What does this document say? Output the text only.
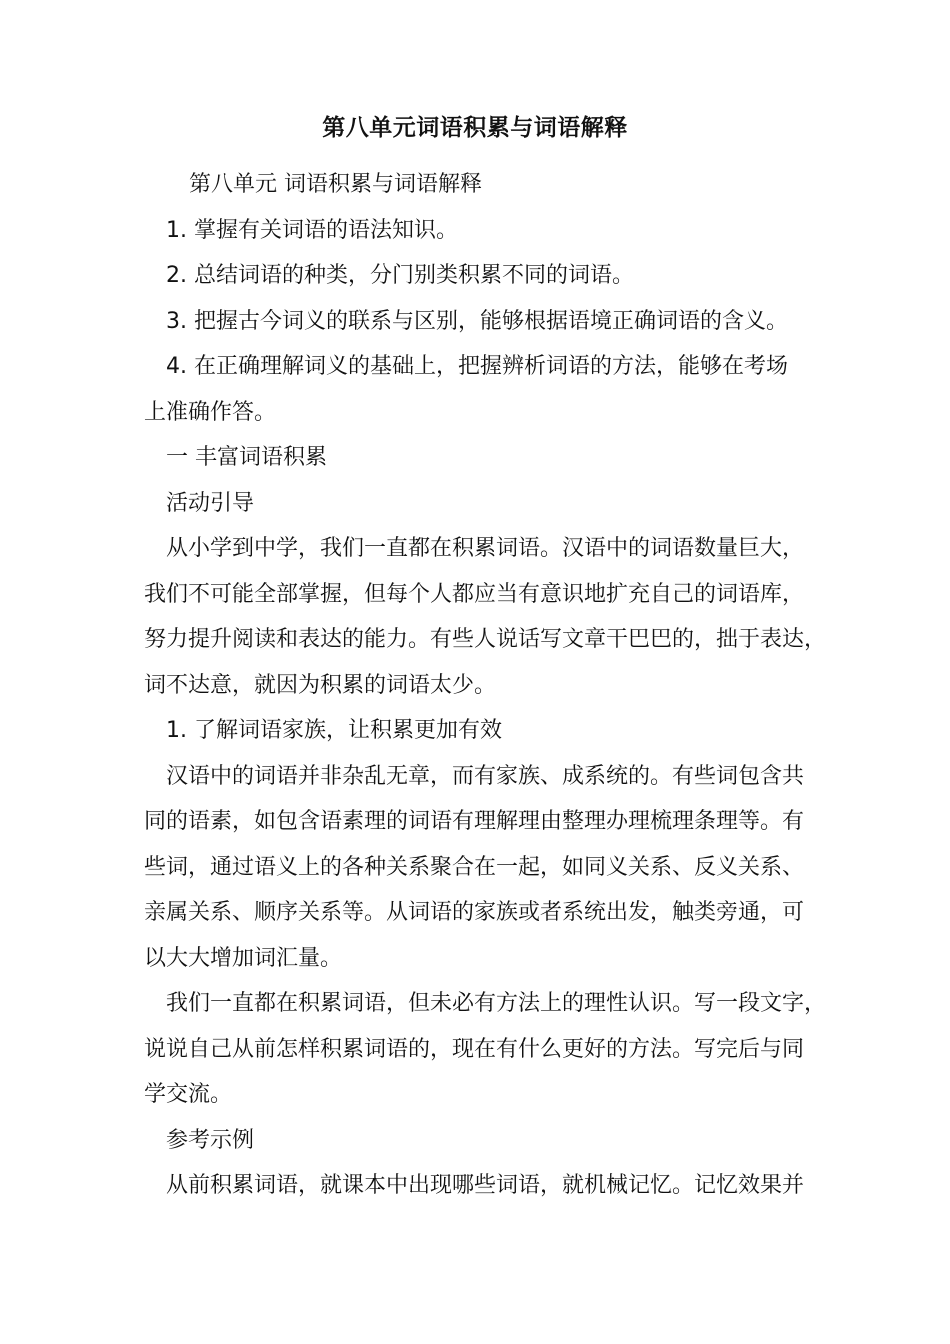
第八单元词语积累与词语解释
第八单元 词语积累与词语解释
1. 掌握有关词语的语法知识。
2. 总结词语的种类，分门别类积累不同的词语。
3. 把握古今词义的联系与区别，能够根据语境正确词语的含义。
4. 在正确理解词义的基础上，把握辨析词语的方法，能够在考场
上准确作答。
一 丰富词语积累
活动引导
从小学到中学，我们一直都在积累词语。汉语中的词语数量巨大，
我们不可能全部掌握，但每个人都应当有意识地扩充自己的词语库，
努力提升阅读和表达的能力。有些人说话写文章干巴巴的，拙于表达，
词不达意，就因为积累的词语太少。
1. 了解词语家族，让积累更加有效
汉语中的词语并非杂乱无章，而有家族、成系统的。有些词包含共
同的语素，如包含语素理的词语有理解理由整理办理梳理条理等。有
些词，通过语义上的各种关系聚合在一起，如同义关系、反义关系、
亲属关系、顺序关系等。从词语的家族或者系统出发，触类旁通，可
以大大增加词汇量。
我们一直都在积累词语，但未必有方法上的理性认识。写一段文字，
说说自己从前怎样积累词语的，现在有什么更好的方法。写完后与同
学交流。
参考示例
从前积累词语，就课本中出现哪些词语，就机械记忆。记忆效果并
